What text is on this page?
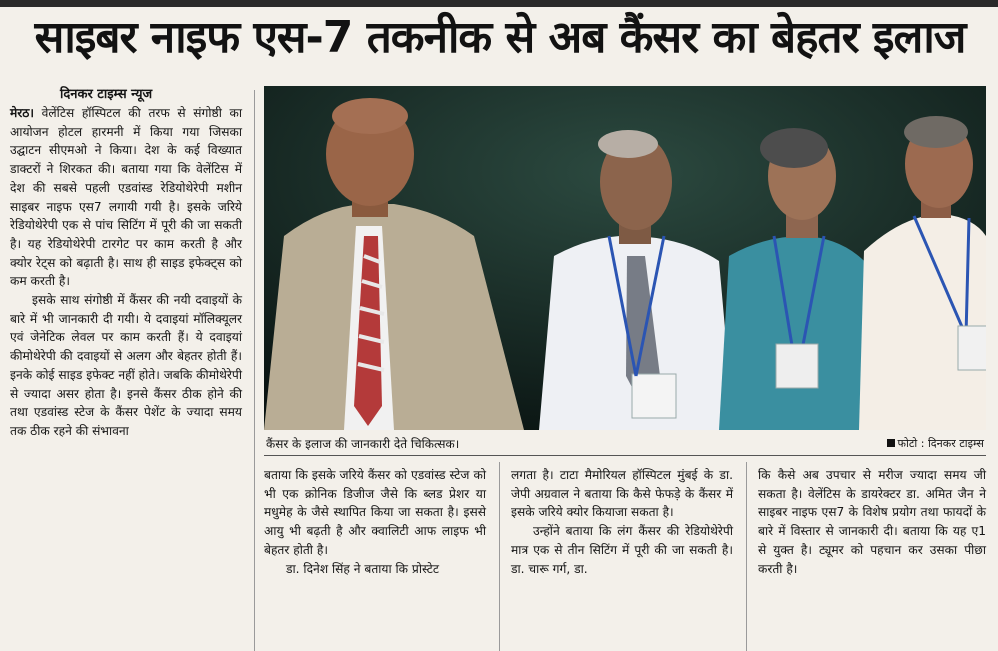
साइबर नाइफ एस-7 तकनीक से अब कैंसर का बेहतर इलाज
दिनकर टाइम्स न्यूज

मेरठ। वेलेंटिस हॉस्पिटल की तरफ से संगोष्ठी का आयोजन होटल हारमनी में किया गया जिसका उद्घाटन सीएमओ ने किया। देश के कई विख्यात डाक्टरों ने शिरकत की। बताया गया कि वेलेंटिस में देश की सबसे पहली एडवांस्ड रेडियोथेरेपी मशीन साइबर नाइफ एस7 लगायी गयी है। इसके जरिये रेडियोथेरेपी एक से पांच सिटिंग में पूरी की जा सकती है। यह रेडियोथेरेपी टारगेट पर काम करती है और क्योर रेट्स को बढ़ाती है। साथ ही साइड इफेक्ट्स को कम करती है।

इसके साथ संगोष्ठी में कैंसर की नयी दवाइयों के बारे में भी जानकारी दी गयी। ये दवाइयां मॉलिक्यूलर एवं जेनेटिक लेवल पर काम करती हैं। ये दवाइयां कीमोथेरेपी की दवाइयों से अलग और बेहतर होती हैं। इनके कोई साइड इफेक्ट नहीं होते। जबकि कीमोथेरेपी से ज्यादा असर होता है। इनसे कैंसर ठीक होने की तथा एडवांस्ड स्टेज के कैंसर पेशेंट के ज्यादा समय तक ठीक रहने की संभावना

कैंसर के इलाज की जानकारी देते चिकित्सक।	फोटो : दिनकर टाइम्स

बताया कि इसके जरिये कैंसर को एडवांस्ड स्टेज को भी एक क्रोनिक डिजीज जैसे कि ब्लड प्रेशर या मधुमेह के जैसे स्थापित किया जा सकता है। इससे आयु भी बढ़ती है और क्वालिटी आफ लाइफ भी बेहतर होती है।

डा. दिनेश सिंह ने बताया कि प्रोस्टेट

लगता है। टाटा मैमोरियल हॉस्पिटल मुंबई के डा. जेपी अग्रवाल ने बताया कि कैसे फेफड़े के कैंसर में इसके जरिये क्योर कियाजा सकता है।

उन्होंने बताया कि लंग कैंसर की रेडियोथेरेपी मात्र एक से तीन सिटिंग में पूरी की जा सकती है। डा. चारू गर्ग, डा.

कि कैसे अब उपचार से मरीज ज्यादा समय जी सकता है। वेलेंटिस के डायरेक्टर डा. अमित जैन ने साइबर नाइफ एस7 के विशेष प्रयोग तथा फायदों के बारे में विस्तार से जानकारी दी। बताया कि यह ए1 से युक्त है। ट्यूमर को पहचान कर उसका पीछा करती है।
